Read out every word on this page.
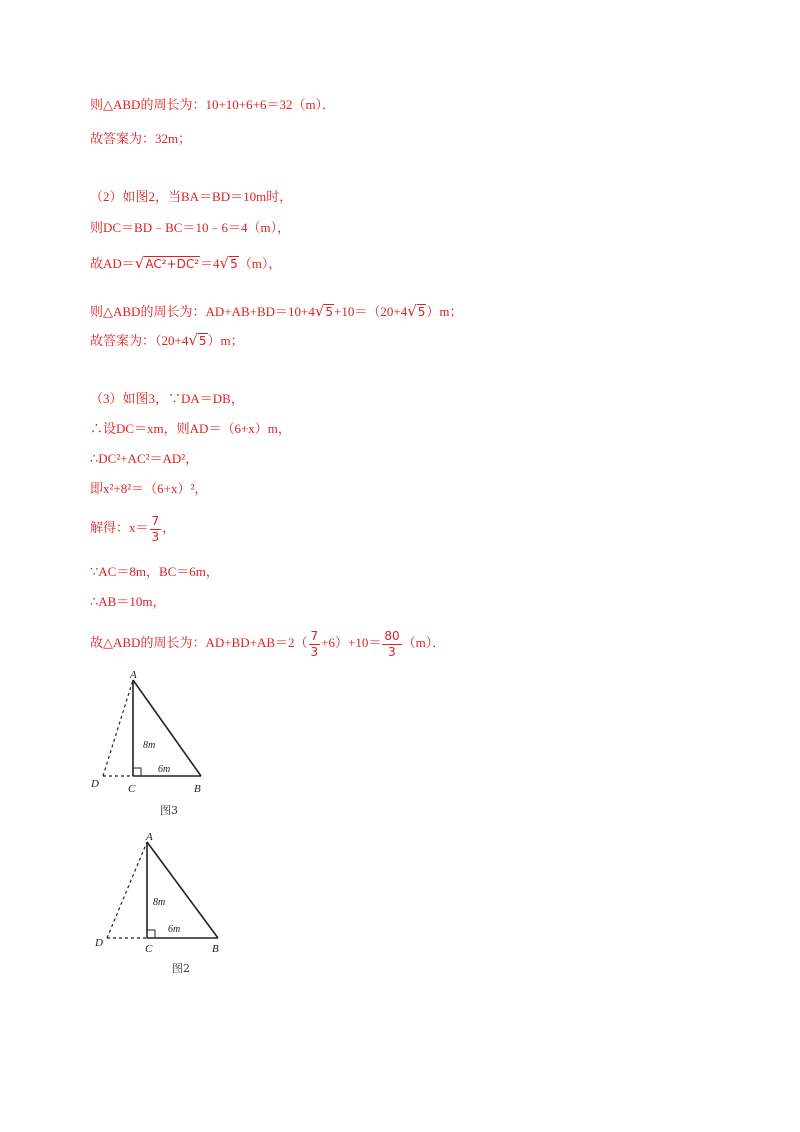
则△ABD的周长为：10+10+6+6＝32（m）．
故答案为：32m；
（2）如图2，当BA＝BD＝10m时，
则DC＝BD﹣BC＝10﹣6＝4（m），
故AD＝√AC²+DC²＝4√5（m），
则△ABD的周长为：AD+AB+BD＝10+4√5+10＝（20+4√5）m；
故答案为：（20+4√5）m；
（3）如图3，∵DA＝DB，
∴设DC＝xm，则AD＝（6+x）m，
∴DC²+AC²＝AD²，
即x²+8²＝（6+x）²，
解得：$x= \frac{7}{3}$ ，
∵AC＝8m，BC＝6m，
∴AB＝10m，
故△ABD的周长为：$AD+BD+AB=2( \frac{7}{3} +6)+10= \frac{80}{3} (m)$．
A
B
C
D
8m
6m
图3
A
B
C
D
8m
6m
图2
